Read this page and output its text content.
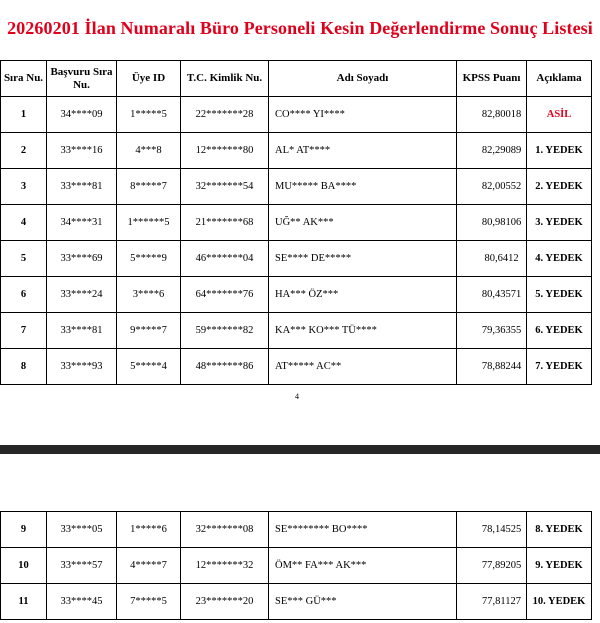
20260201 İlan Numaralı Büro Personeli Kesin Değerlendirme Sonuç Listesi
Sıra Nu.	Başvuru Sıra Nu.	Üye ID	T.C. Kimlik Nu.	Adı Soyadı	KPSS Puanı	Açıklama
1	34****09	1*****5	22*******28	CO**** YI****	82,80018	ASİL
2	33****16	4***8	12*******80	AL* AT****	82,29089	1. YEDEK
3	33****81	8*****7	32*******54	MU***** BA****	82,00552	2. YEDEK
4	34****31	1******5	21*******68	UĞ** AK***	80,98106	3. YEDEK
5	33****69	5*****9	46*******04	SE**** DE*****	80,6412	4. YEDEK
6	33****24	3****6	64*******76	HA*** ÖZ***	80,43571	5. YEDEK
7	33****81	9*****7	59*******82	KA*** KO*** TÜ****	79,36355	6. YEDEK
8	33****93	5*****4	48*******86	AT***** AC**	78,88244	7. YEDEK
4
9	33****05	1*****6	32*******08	SE******** BO****	78,14525	8. YEDEK
10	33****57	4*****7	12*******32	ÖM** FA*** AK***	77,89205	9. YEDEK
11	33****45	7*****5	23*******20	SE*** GÜ***	77,81127	10. YEDEK
